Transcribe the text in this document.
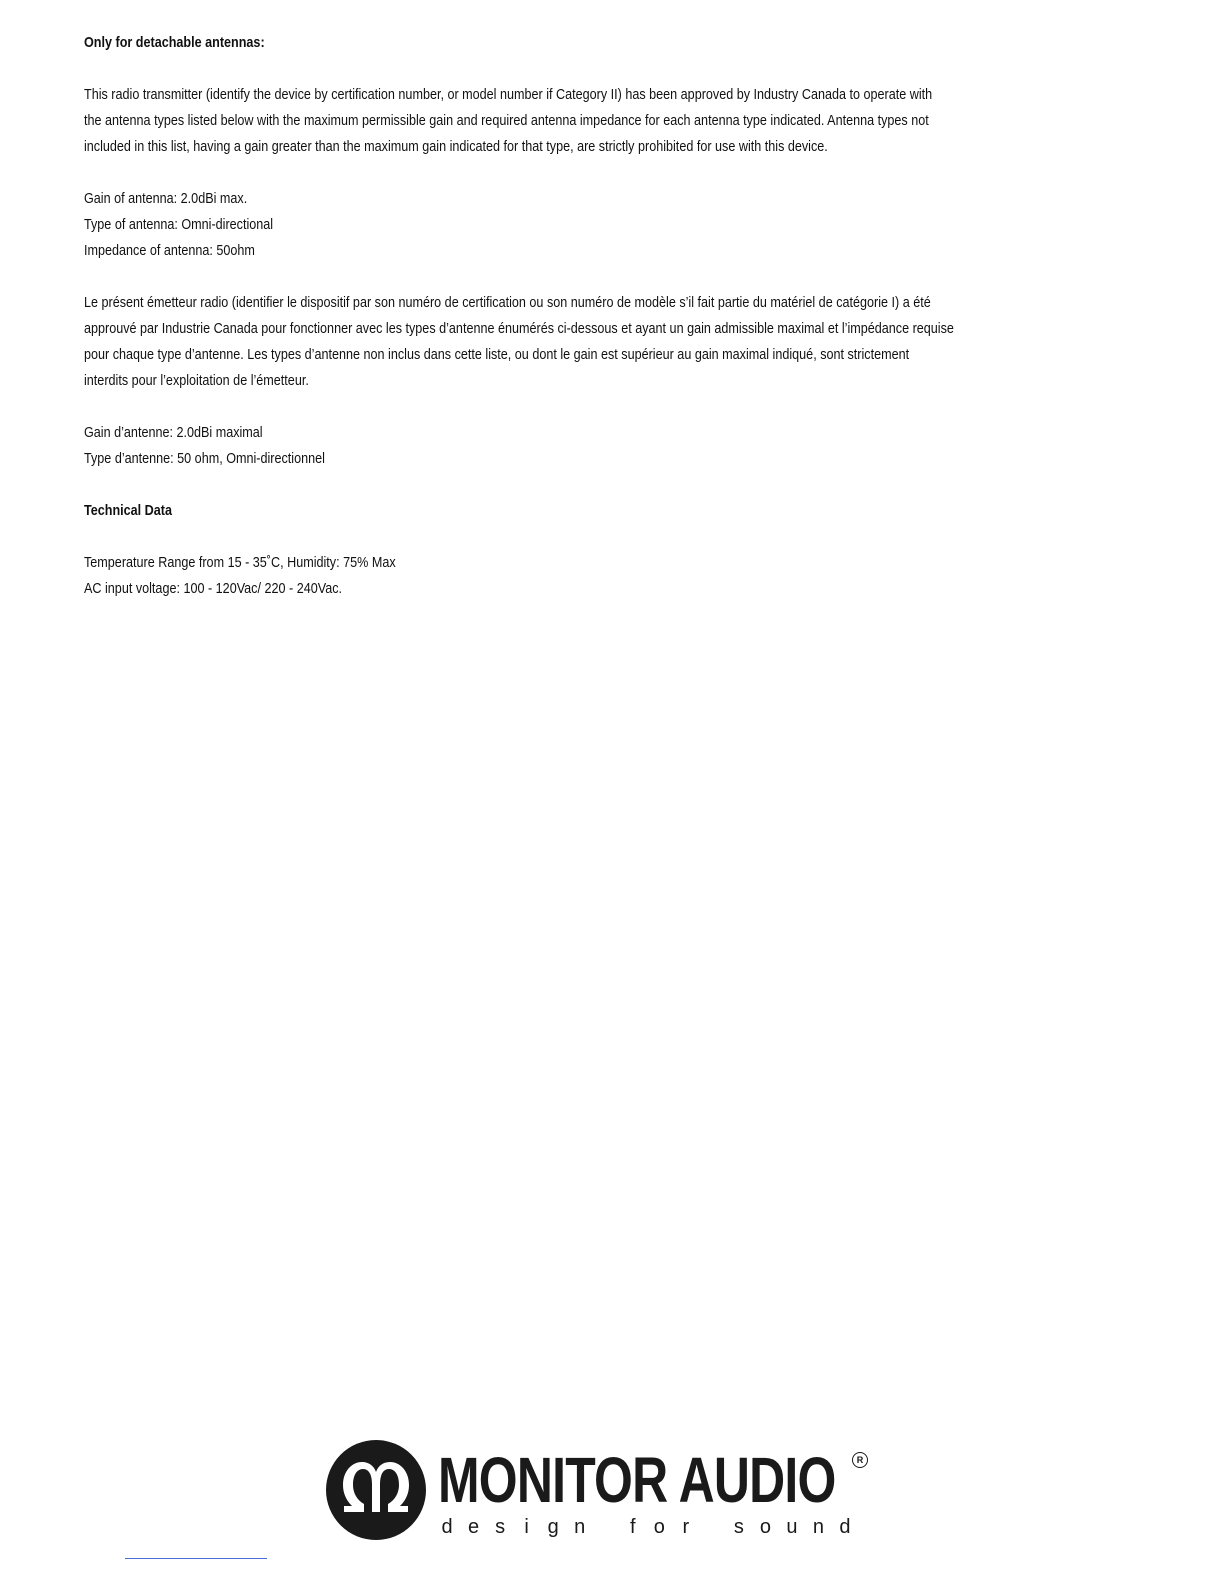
Only for detachable antennas:

This radio transmitter (identify the device by certification number, or model number if Category II) has been approved by Industry Canada to operate with

the antenna types listed below with the maximum permissible gain and required antenna impedance for each antenna type indicated. Antenna types not

included in this list, having a gain greater than the maximum gain indicated for that type, are strictly prohibited for use with this device.

Gain of antenna: 2.0dBi max.

Type of antenna: Omni-directional

Impedance of antenna: 50ohm

Le présent émetteur radio (identifier le dispositif par son numéro de certification ou son numéro de modèle s’il fait partie du matériel de catégorie I) a été

approuvé par Industrie Canada pour fonctionner avec les types d’antenne énumérés ci-dessous et ayant un gain admissible maximal et l’impédance requise

pour chaque type d’antenne. Les types d’antenne non inclus dans cette liste, ou dont le gain est supérieur au gain maximal indiqué, sont strictement

interdits pour l’exploitation de l’émetteur.

Gain d’antenne: 2.0dBi maximal

Type d’antenne: 50 ohm, Omni-directionnel

Technical Data

Temperature Range from 15 - 35˚C, Humidity: 75% Max

AC input voltage: 100 - 120Vac/ 220 - 240Vac.

MONITOR AUDIO	R
d e s i g n
f o r
s o u n d
